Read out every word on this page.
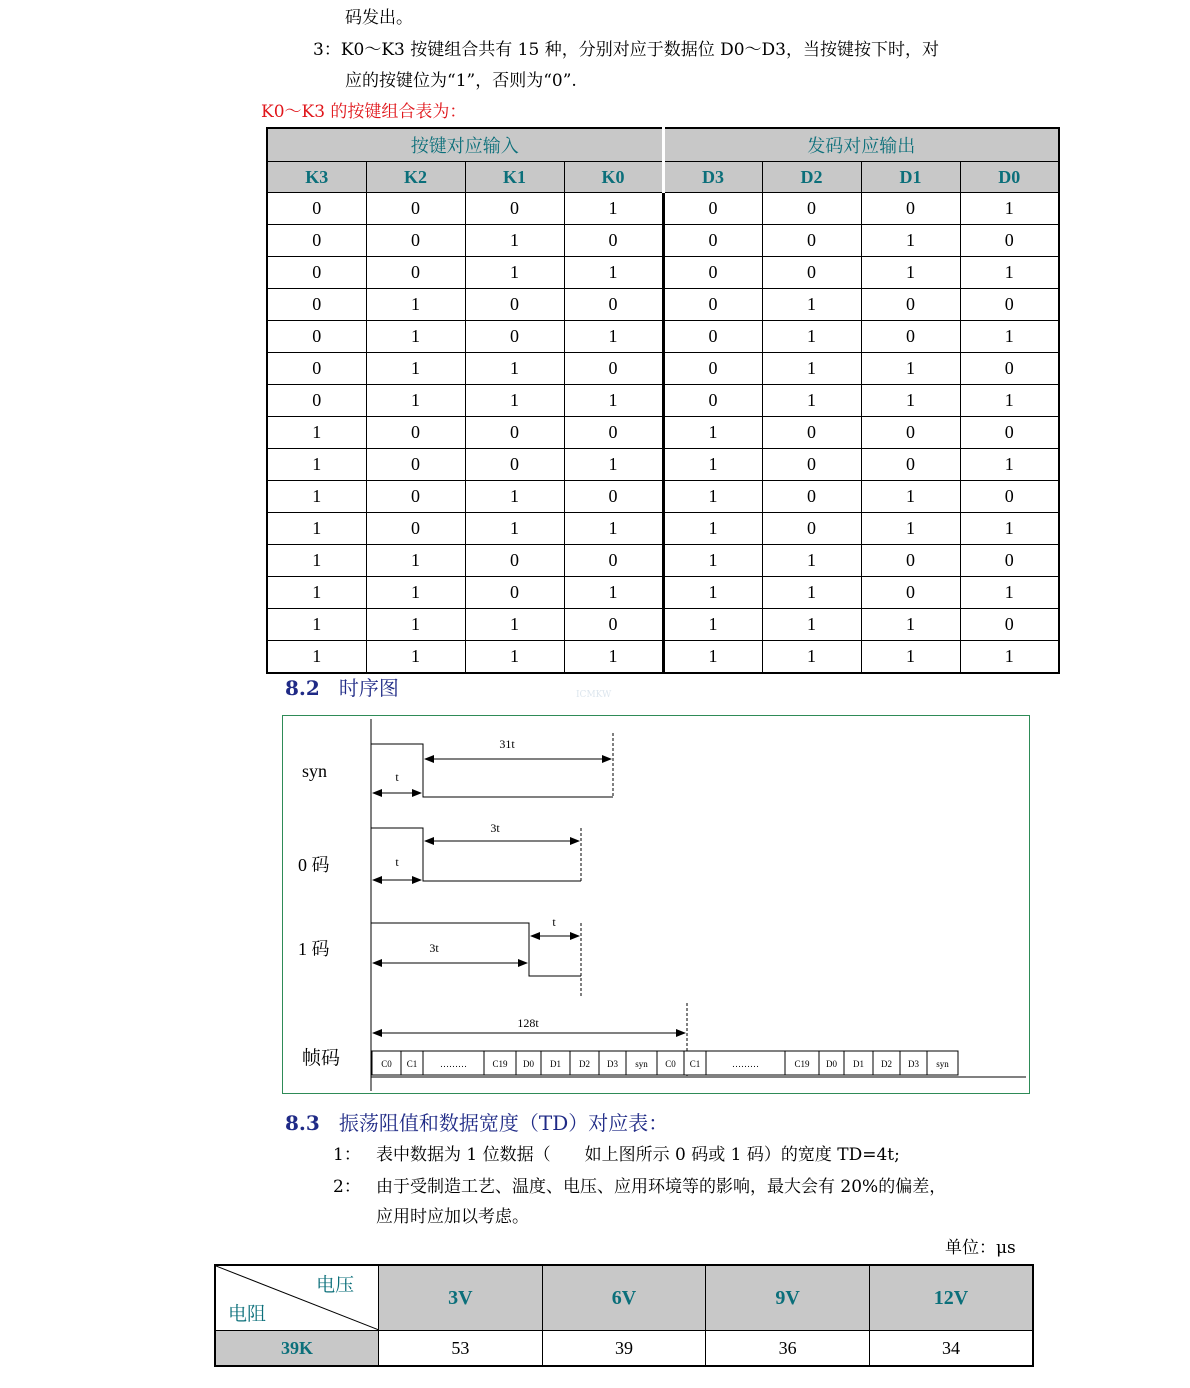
码发出。
3：K0～K3 按键组合共有 15 种，分别对应于数据位 D0～D3，当按键按下时，对
应的按键位为“1”，否则为“0”.
K0～K3 的按键组合表为：
按键对应输入				发码对应输出			
K3	K2	K1	K0	D3	D2	D1	D0
0	0	0	1	0	0	0	1
0	0	1	0	0	0	1	0
0	0	1	1	0	0	1	1
0	1	0	0	0	1	0	0
0	1	0	1	0	1	0	1
0	1	1	0	0	1	1	0
0	1	1	1	0	1	1	1
1	0	0	0	1	0	0	0
1	0	0	1	1	0	0	1
1	0	1	0	1	0	1	0
1	0	1	1	1	0	1	1
1	1	0	0	1	1	0	0
1	1	0	1	1	1	0	1
1	1	1	0	1	1	1	0
1	1	1	1	1	1	1	1
8.2 时序图	ICMKW
syn
0 码
1 码
帧码
t
31t
t
3t
3t
t
128t
C0 C1	………	C19 D0 D1 D2 D3 syn C0 C1	………	C19 D0 D1 D2 D3 syn
8.3 振荡阻值和数据宽度（TD）对应表：
1： 表中数据为 1 位数据（　　如上图所示 0 码或 1 码）的宽度 TD=4t;
2： 由于受制造工艺、温度、电压、应用环境等的影响，最大会有 20%的偏差，
应用时应加以考虑。
单位：μs
电压
电阻	3V	6V	9V	12V
39K	53	39	36	34
